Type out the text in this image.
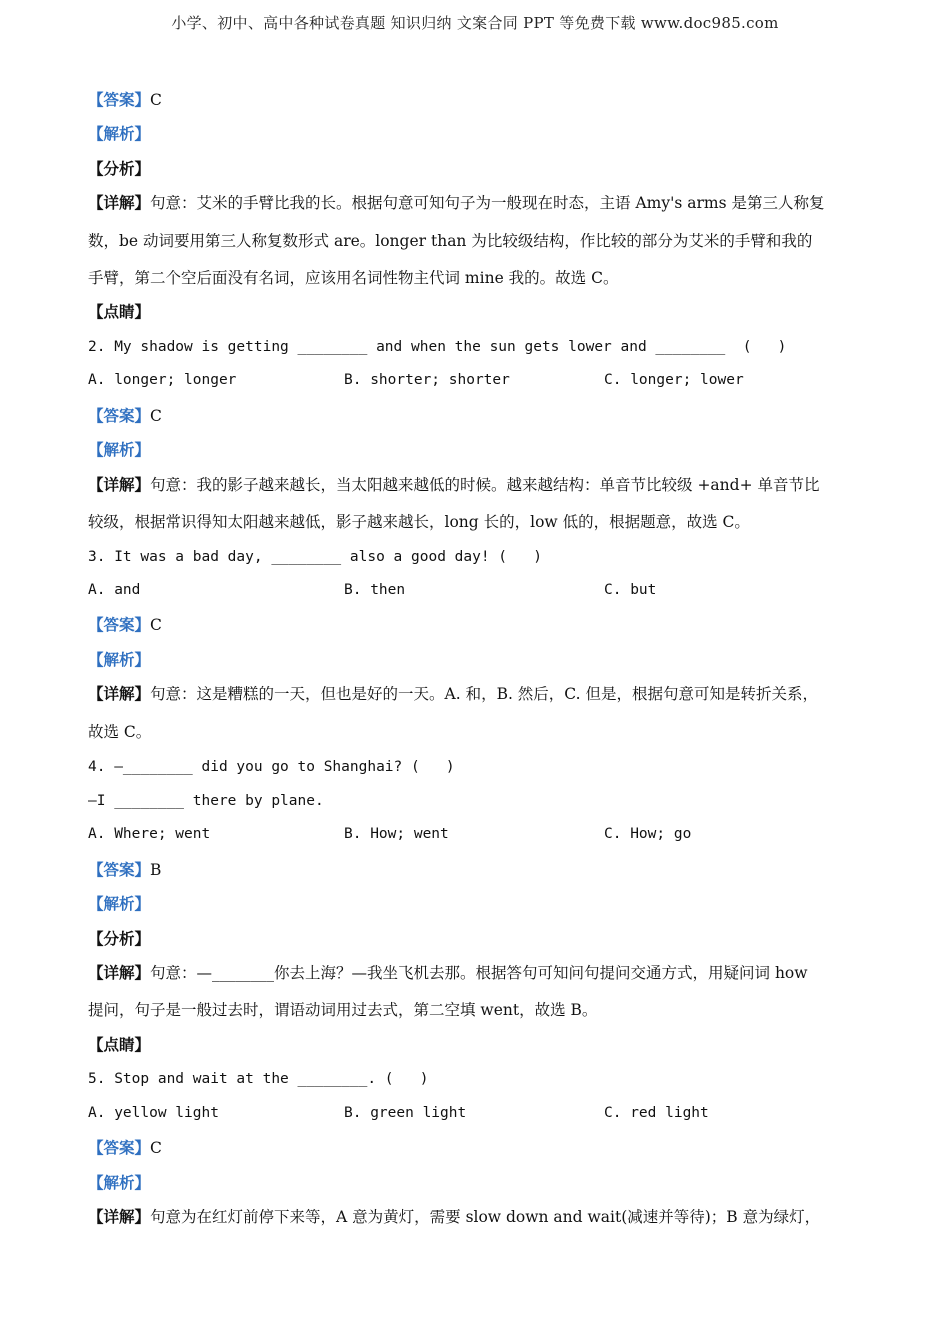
小学、初中、高中各种试卷真题 知识归纳 文案合同 PPT 等免费下载 www.doc985.com
【答案】C
【解析】
【分析】
【详解】句意：艾米的手臂比我的长。根据句意可知句子为一般现在时态，主语 Amy's arms 是第三人称复
数，be 动词要用第三人称复数形式 are。longer than 为比较级结构，作比较的部分为艾米的手臂和我的
手臂，第二个空后面没有名词，应该用名词性物主代词 mine 我的。故选 C。
【点睛】
2. My shadow is getting ________ and when the sun gets lower and ________  (   )
A. longer; longer	B. shorter; shorter	C. longer; lower
【答案】C
【解析】
【详解】句意：我的影子越来越长，当太阳越来越低的时候。越来越结构：单音节比较级 +and+ 单音节比
较级，根据常识得知太阳越来越低，影子越来越长，long 长的，low 低的，根据题意，故选 C。
3. It was a bad day, ________ also a good day! (   )
A. and	B. then	C. but
【答案】C
【解析】
【详解】句意：这是糟糕的一天，但也是好的一天。A. 和，B. 然后，C. 但是，根据句意可知是转折关系，
故选 C。
4. —________ did you go to Shanghai? (   )
—I ________ there by plane.
A. Where; went	B. How; went	C. How; go
【答案】B
【解析】
【分析】
【详解】句意：—________你去上海？—我坐飞机去那。根据答句可知问句提问交通方式，用疑问词 how
提问，句子是一般过去时，谓语动词用过去式，第二空填 went，故选 B。
【点睛】
5. Stop and wait at the ________. (   )
A. yellow light	B. green light	C. red light
【答案】C
【解析】
【详解】句意为在红灯前停下来等，A 意为黄灯，需要 slow down and wait(减速并等待)；B 意为绿灯，
